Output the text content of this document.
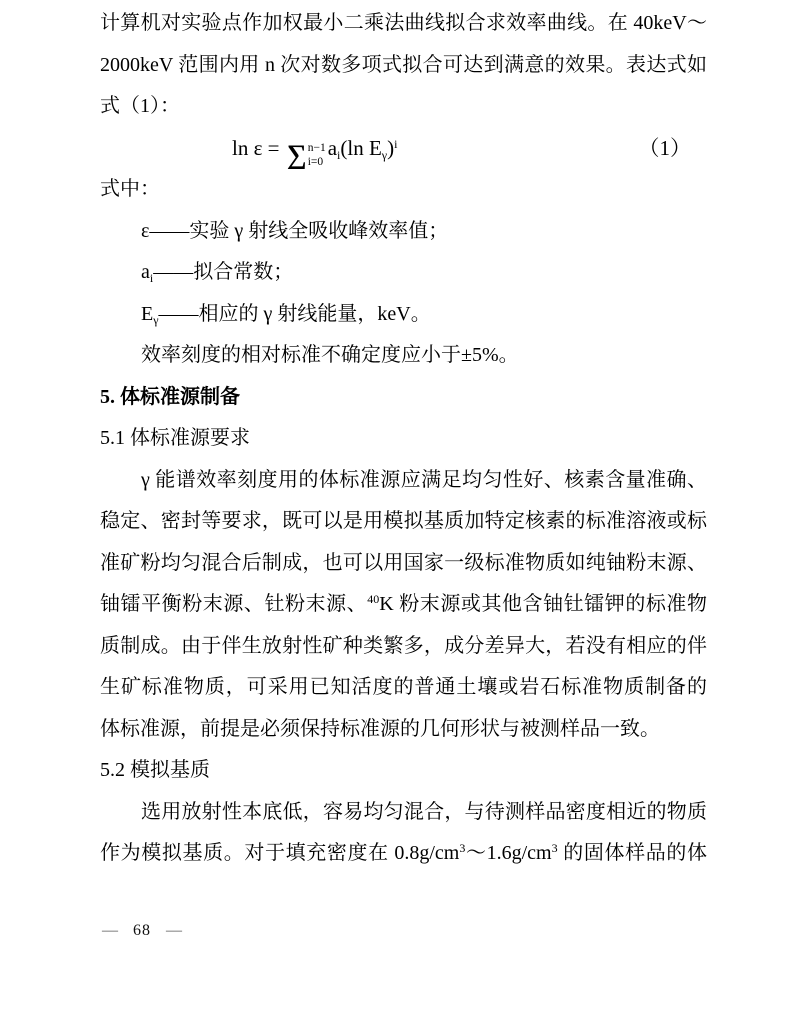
计算机对实验点作加权最小二乘法曲线拟合求效率曲线。在 40keV～
2000keV 范围内用 n 次对数多项式拟合可达到满意的效果。表达式如
式（1）：
ln ε = ∑ n−1
i=0
$a_i(\ln$ $E_\gamma)^i$	（1）
式中：
ε——实验 γ 射线全吸收峰效率值；
$a_i——$拟合常数；
$E_\gamma——$相应的 γ 射线能量，keV。
效率刻度的相对标准不确定度应小于±5%。
5. 体标准源制备
5.1 体标准源要求
γ 能谱效率刻度用的体标准源应满足均匀性好、核素含量准确、
稳定、密封等要求，既可以是用模拟基质加特定核素的标准溶液或标
准矿粉均匀混合后制成，也可以用国家一级标准物质如纯铀粉末源、
铀镭平衡粉末源、钍粉末源、$^{40}$K 粉末源或其他含铀钍镭钾的标准物
质制成。由于伴生放射性矿种类繁多，成分差异大，若没有相应的伴
生矿标准物质，可采用已知活度的普通土壤或岩石标准物质制备的
体标准源，前提是必须保持标准源的几何形状与被测样品一致。
5.2 模拟基质
选用放射性本底低，容易均匀混合，与待测样品密度相近的物质
作为模拟基质。对于填充密度在 $0.8g/cm^3\sim 1.6g/cm^3$ 的固体样品的体
— 68 —
